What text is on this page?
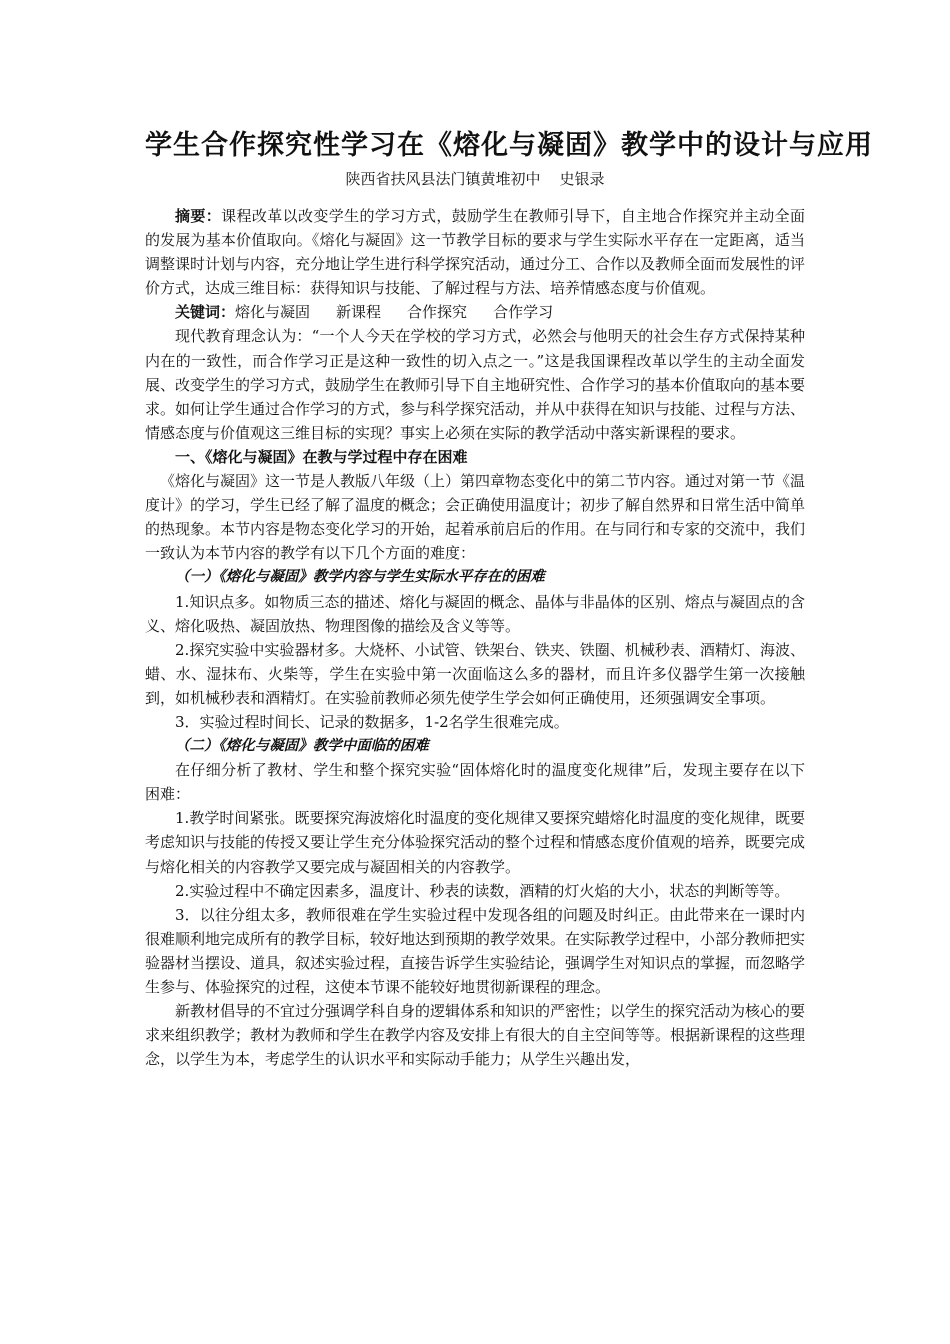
学生合作探究性学习在《熔化与凝固》教学中的设计与应用
陕西省扶风县法门镇黄堆初中    史银录

摘要：课程改革以改变学生的学习方式，鼓励学生在教师引导下，自主地合作探究并主动全面的发展为基本价值取向。《熔化与凝固》这一节教学目标的要求与学生实际水平存在一定距离，适当调整课时计划与内容，充分地让学生进行科学探究活动，通过分工、合作以及教师全面而发展性的评价方式，达成三维目标：获得知识与技能、了解过程与方法、培养情感态度与价值观。

关键词：熔化与凝固 新课程 合作探究 合作学习

现代教育理念认为：“一个人今天在学校的学习方式，必然会与他明天的社会生存方式保持某种内在的一致性，而合作学习正是这种一致性的切入点之一。”这是我国课程改革以学生的主动全面发展、改变学生的学习方式，鼓励学生在教师引导下自主地研究性、合作学习的基本价值取向的基本要求。如何让学生通过合作学习的方式，参与科学探究活动，并从中获得在知识与技能、过程与方法、情感态度与价值观这三维目标的实现？事实上必须在实际的教学活动中落实新课程的要求。

一、《熔化与凝固》在教与学过程中存在困难

《熔化与凝固》这一节是人教版八年级（上）第四章物态变化中的第二节内容。通过对第一节《温度计》的学习，学生已经了解了温度的概念；会正确使用温度计；初步了解自然界和日常生活中简单的热现象。本节内容是物态变化学习的开始，起着承前启后的作用。在与同行和专家的交流中，我们一致认为本节内容的教学有以下几个方面的难度：

（一）《熔化与凝固》教学内容与学生实际水平存在的困难

1.知识点多。如物质三态的描述、熔化与凝固的概念、晶体与非晶体的区别、熔点与凝固点的含义、熔化吸热、凝固放热、物理图像的描绘及含义等等。

2.探究实验中实验器材多。大烧杯、小试管、铁架台、铁夹、铁圈、机械秒表、酒精灯、海波、蜡、水、湿抹布、火柴等，学生在实验中第一次面临这么多的器材，而且许多仪器学生第一次接触到，如机械秒表和酒精灯。在实验前教师必须先使学生学会如何正确使用，还须强调安全事项。

3．实验过程时间长、记录的数据多，1-2名学生很难完成。

（二）《熔化与凝固》教学中面临的困难

在仔细分析了教材、学生和整个探究实验“固体熔化时的温度变化规律”后，发现主要存在以下困难：

1.教学时间紧张。既要探究海波熔化时温度的变化规律又要探究蜡熔化时温度的变化规律，既要考虑知识与技能的传授又要让学生充分体验探究活动的整个过程和情感态度价值观的培养，既要完成与熔化相关的内容教学又要完成与凝固相关的内容教学。

2.实验过程中不确定因素多，温度计、秒表的读数，酒精的灯火焰的大小，状态的判断等等。

3．以往分组太多，教师很难在学生实验过程中发现各组的问题及时纠正。由此带来在一课时内很难顺利地完成所有的教学目标，较好地达到预期的教学效果。在实际教学过程中，小部分教师把实验器材当摆设、道具，叙述实验过程，直接告诉学生实验结论，强调学生对知识点的掌握，而忽略学生参与、体验探究的过程，这使本节课不能较好地贯彻新课程的理念。

新教材倡导的不宜过分强调学科自身的逻辑体系和知识的严密性；以学生的探究活动为核心的要求来组织教学；教材为教师和学生在教学内容及安排上有很大的自主空间等等。根据新课程的这些理念，以学生为本，考虑学生的认识水平和实际动手能力；从学生兴趣出发，
